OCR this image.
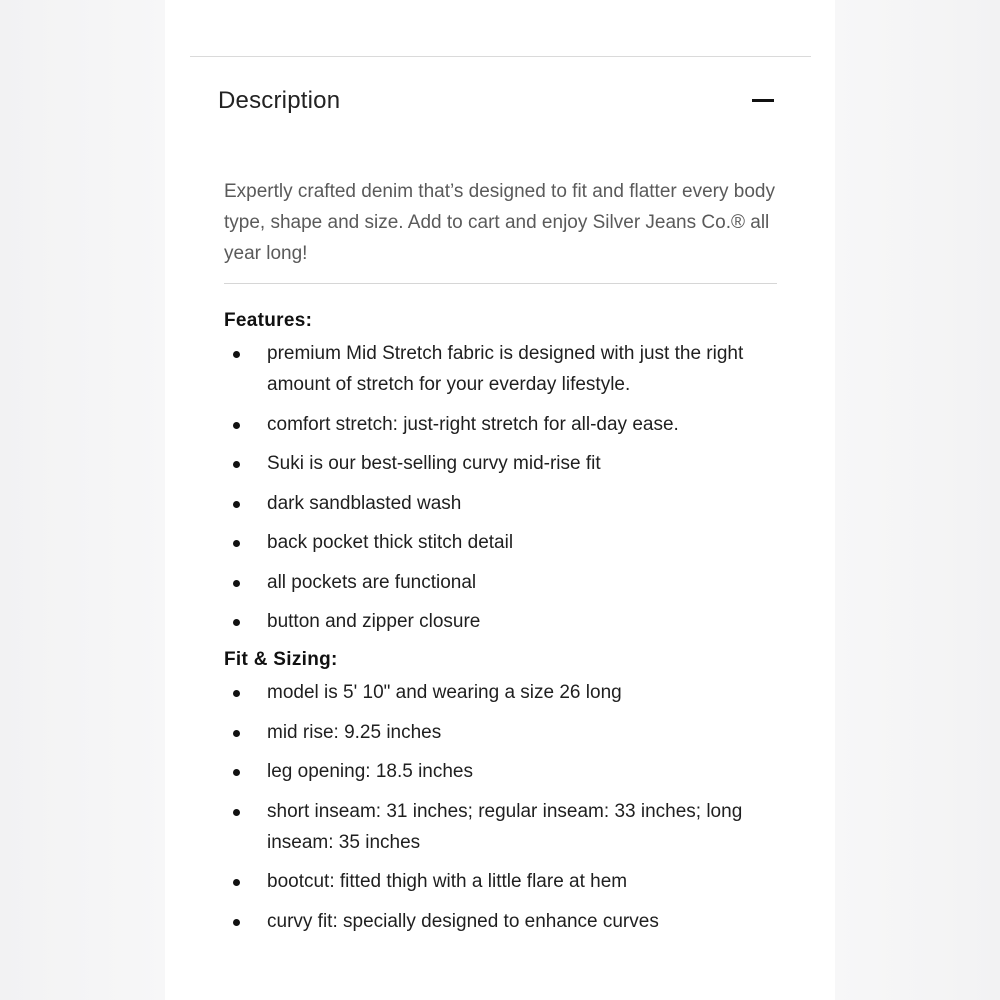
Description

Expertly crafted denim that’s designed to fit and flatter every body type, shape and size. Add to cart and enjoy Silver Jeans Co.® all year long!

Features:
premium Mid Stretch fabric is designed with just the right amount of stretch for your everday lifestyle.
comfort stretch: just-right stretch for all-day ease.
Suki is our best-selling curvy mid-rise fit
dark sandblasted wash
back pocket thick stitch detail
all pockets are functional
button and zipper closure
Fit & Sizing:
model is 5' 10" and wearing a size 26 long
mid rise: 9.25 inches
leg opening: 18.5 inches
short inseam: 31 inches; regular inseam: 33 inches; long inseam: 35 inches
bootcut: fitted thigh with a little flare at hem
curvy fit: specially designed to enhance curves
